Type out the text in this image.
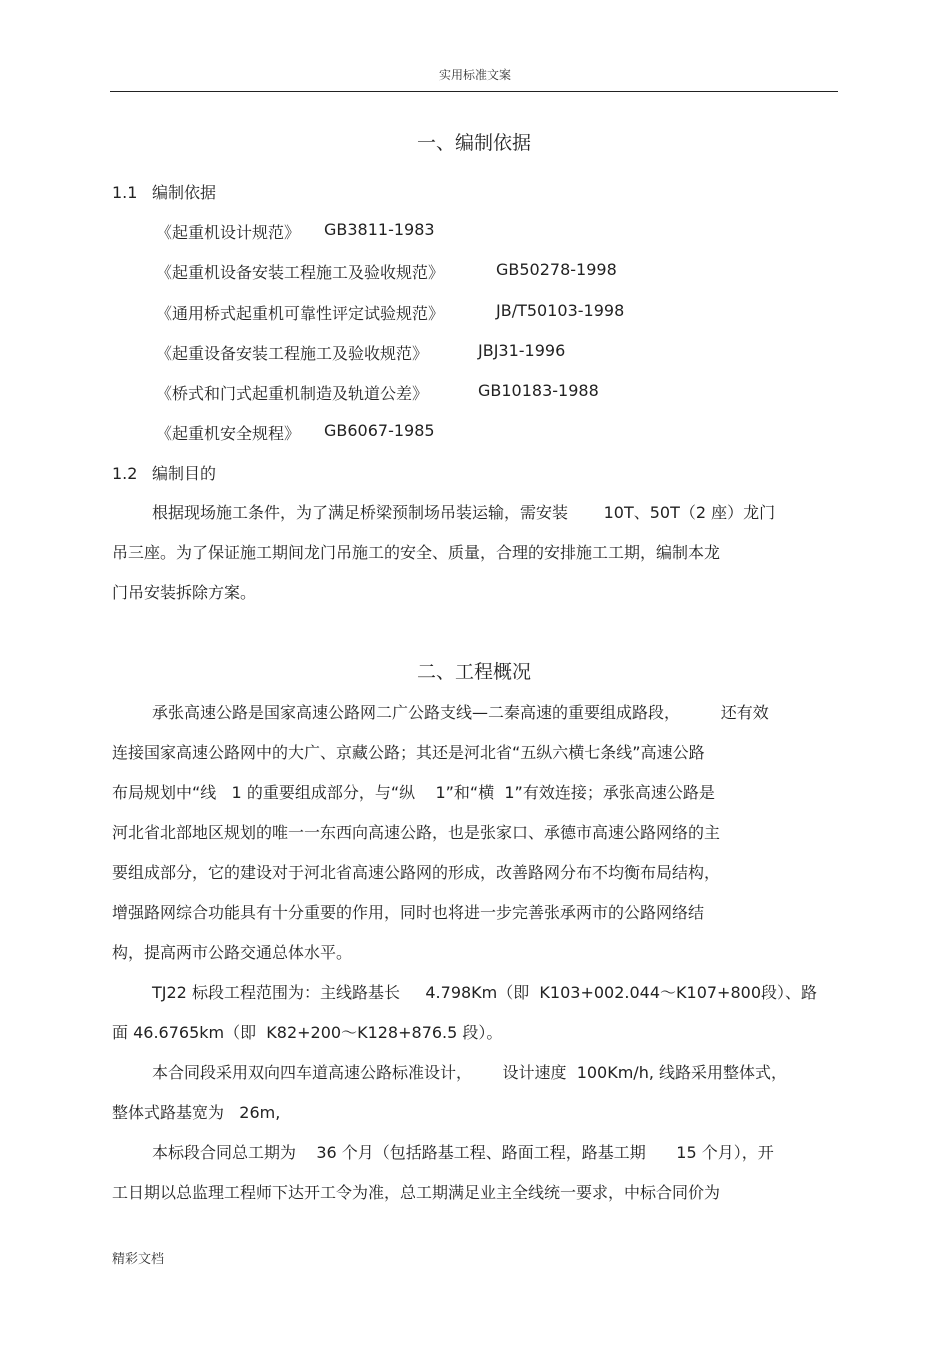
实用标准文案
一、编制依据
1.1 编制依据
《起重机设计规范》 GB3811-1983
《起重机设备安装工程施工及验收规范》	GB50278-1998
《通用桥式起重机可靠性评定试验规范》	JB/T50103-1998
《起重设备安装工程施工及验收规范》	JBJ31-1996
《桥式和门式起重机制造及轨道公差》	GB10183-1988
《起重机安全规程》 GB6067-1985
1.2 编制目的
根据现场施工条件，为了满足桥梁预制场吊装运输，需安装       10T、50T（2 座）龙门
吊三座。为了保证施工期间龙门吊施工的安全、质量，合理的安排施工工期，编制本龙
门吊安装拆除方案。
二、工程概况
承张高速公路是国家高速公路网二广公路支线—二秦高速的重要组成路段，        还有效
连接国家高速公路网中的大广、京藏公路；其还是河北省“五纵六横七条线”高速公路
布局规划中“线   1 的重要组成部分，与“纵    1”和“横  1”有效连接；承张高速公路是
河北省北部地区规划的唯一一东西向高速公路，也是张家口、承德市高速公路网络的主
要组成部分，它的建设对于河北省高速公路网的形成，改善路网分布不均衡布局结构，
增强路网综合功能具有十分重要的作用，同时也将进一步完善张承两市的公路网络结
构，提高两市公路交通总体水平。
TJ22 标段工程范围为：主线路基长     4.798Km（即  K103+002.044～K107+800段）、路
面 46.6765km（即  K82+200～K128+876.5 段）。
本合同段采用双向四车道高速公路标准设计，      设计速度  100Km/h, 线路采用整体式，
整体式路基宽为   26m,
本标段合同总工期为    36 个月（包括路基工程、路面工程，路基工期      15 个月），开
工日期以总监理工程师下达开工令为准，总工期满足业主全线统一要求，中标合同价为
精彩文档
